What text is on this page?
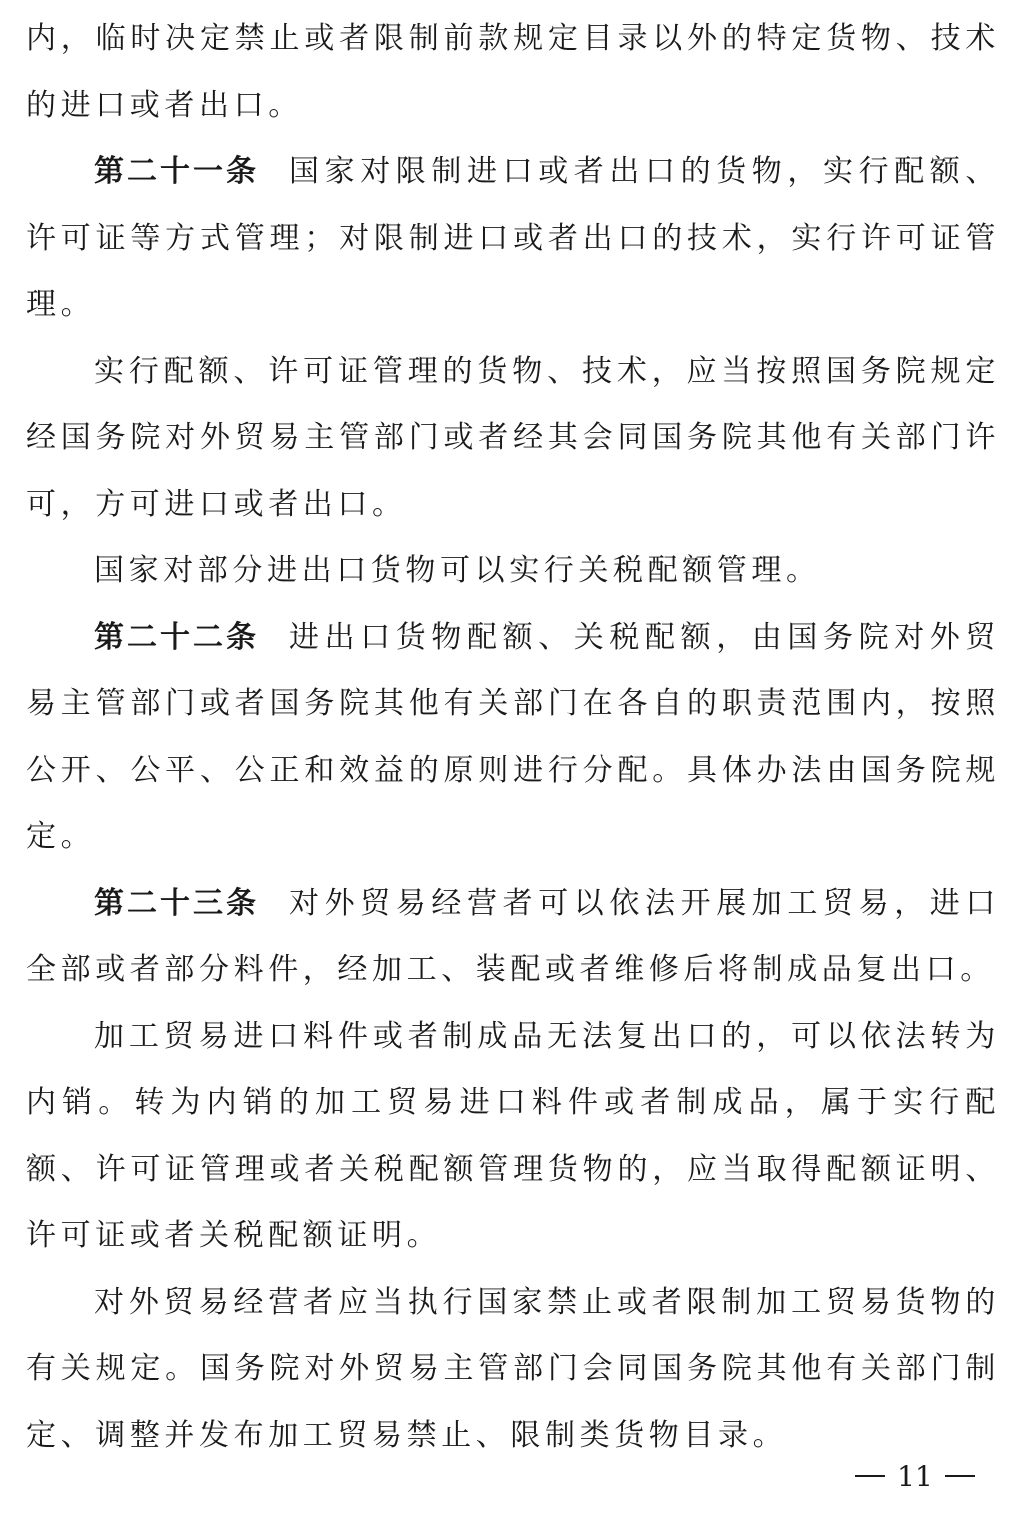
内，临时决定禁止或者限制前款规定目录以外的特定货物、技术的进口或者出口。

第二十一条 国家对限制进口或者出口的货物，实行配额、许可证等方式管理；对限制进口或者出口的技术，实行许可证管理。

实行配额、许可证管理的货物、技术，应当按照国务院规定经国务院对外贸易主管部门或者经其会同国务院其他有关部门许可，方可进口或者出口。

国家对部分进出口货物可以实行关税配额管理。

第二十二条 进出口货物配额、关税配额，由国务院对外贸易主管部门或者国务院其他有关部门在各自的职责范围内，按照公开、公平、公正和效益的原则进行分配。具体办法由国务院规定。

第二十三条 对外贸易经营者可以依法开展加工贸易，进口全部或者部分料件，经加工、装配或者维修后将制成品复出口。

加工贸易进口料件或者制成品无法复出口的，可以依法转为内销。转为内销的加工贸易进口料件或者制成品，属于实行配额、许可证管理或者关税配额管理货物的，应当取得配额证明、许可证或者关税配额证明。

对外贸易经营者应当执行国家禁止或者限制加工贸易货物的有关规定。国务院对外贸易主管部门会同国务院其他有关部门制定、调整并发布加工贸易禁止、限制类货物目录。

11
